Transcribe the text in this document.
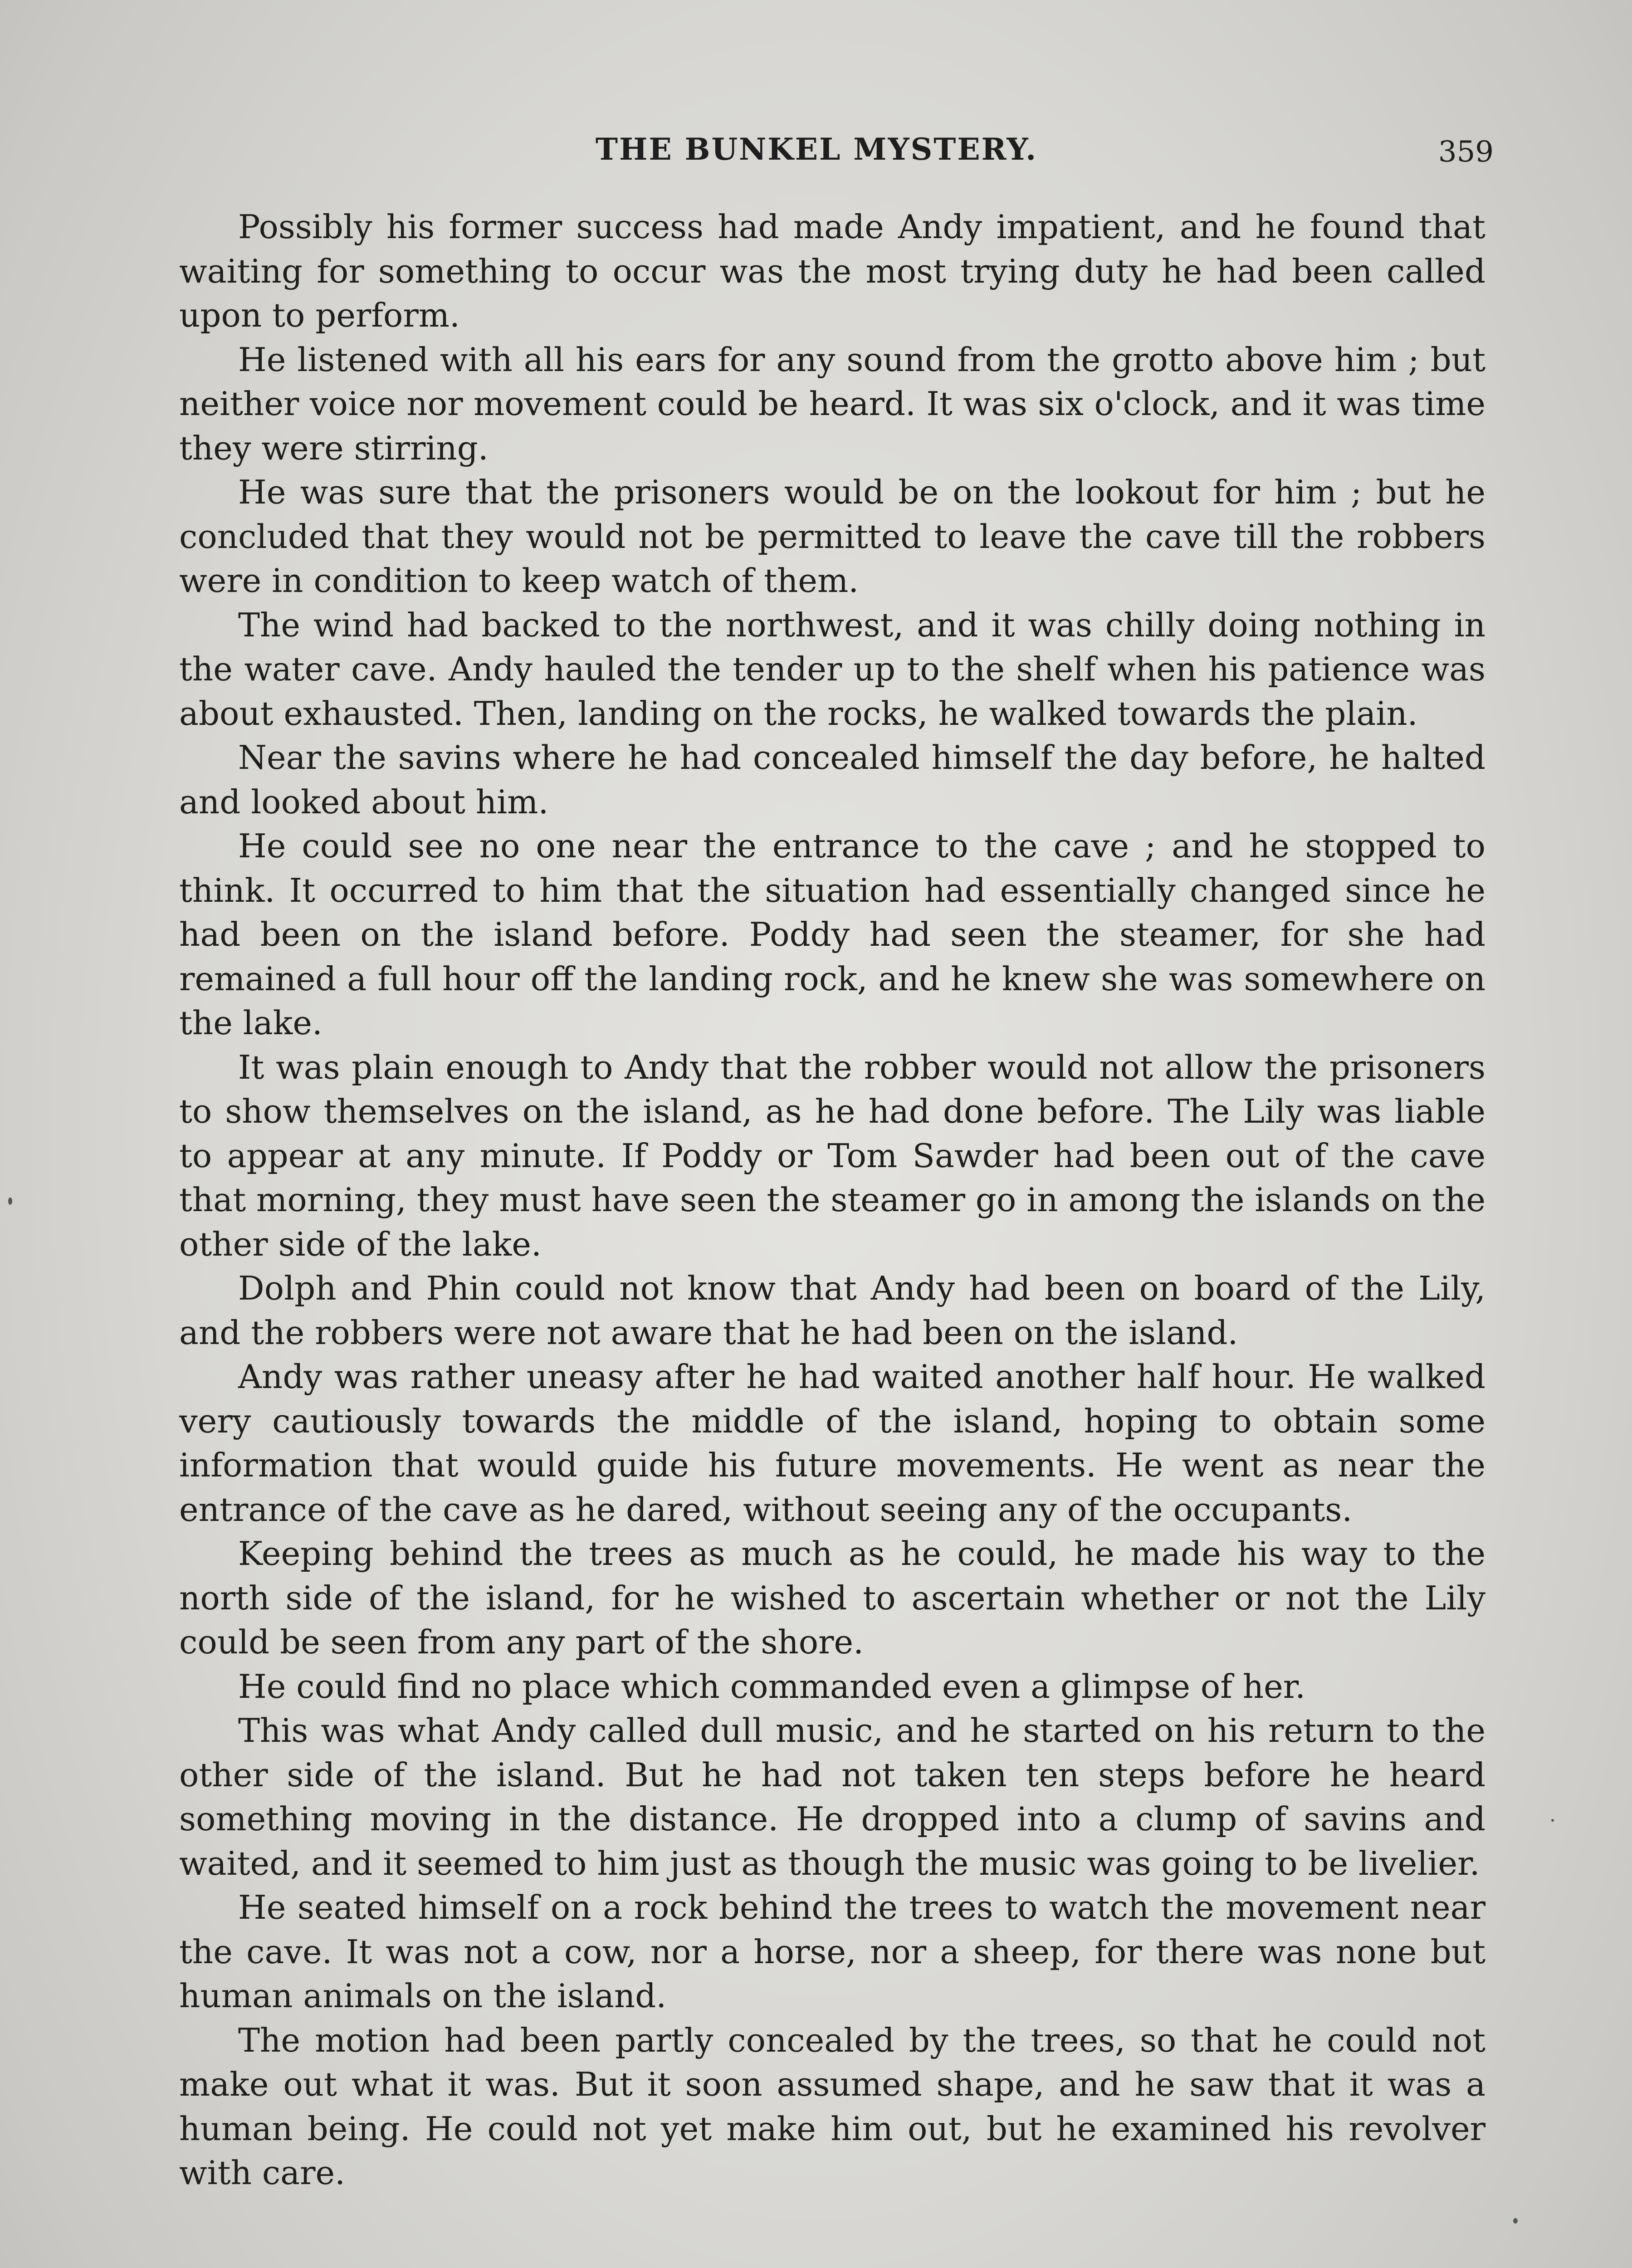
THE BUNKEL MYSTERY.	359

Possibly his former success had made Andy impatient, and he found that waiting for something to occur was the most trying duty he had been called upon to perform.

He listened with all his ears for any sound from the grotto above him ; but neither voice nor movement could be heard. It was six o'clock, and it was time they were stirring.

He was sure that the prisoners would be on the lookout for him ; but he concluded that they would not be permitted to leave the cave till the robbers were in condition to keep watch of them.

The wind had backed to the northwest, and it was chilly doing nothing in the water cave. Andy hauled the tender up to the shelf when his patience was about exhausted. Then, landing on the rocks, he walked towards the plain.

Near the savins where he had concealed himself the day before, he halted and looked about him.

He could see no one near the entrance to the cave ; and he stopped to think. It occurred to him that the situation had essentially changed since he had been on the island before. Poddy had seen the steamer, for she had remained a full hour off the landing rock, and he knew she was somewhere on the lake.

It was plain enough to Andy that the robber would not allow the prisoners to show themselves on the island, as he had done before. The Lily was liable to appear at any minute. If Poddy or Tom Sawder had been out of the cave that morning, they must have seen the steamer go in among the islands on the other side of the lake.

Dolph and Phin could not know that Andy had been on board of the Lily, and the robbers were not aware that he had been on the island.

Andy was rather uneasy after he had waited another half hour. He walked very cautiously towards the middle of the island, hoping to obtain some information that would guide his future movements. He went as near the entrance of the cave as he dared, without seeing any of the occupants.

Keeping behind the trees as much as he could, he made his way to the north side of the island, for he wished to ascertain whether or not the Lily could be seen from any part of the shore.

He could find no place which commanded even a glimpse of her.

This was what Andy called dull music, and he started on his return to the other side of the island. But he had not taken ten steps before he heard something moving in the distance. He dropped into a clump of savins and waited, and it seemed to him just as though the music was going to be livelier.

He seated himself on a rock behind the trees to watch the movement near the cave. It was not a cow, nor a horse, nor a sheep, for there was none but human animals on the island.

The motion had been partly concealed by the trees, so that he could not make out what it was. But it soon assumed shape, and he saw that it was a human being. He could not yet make him out, but he examined his revolver with care.
